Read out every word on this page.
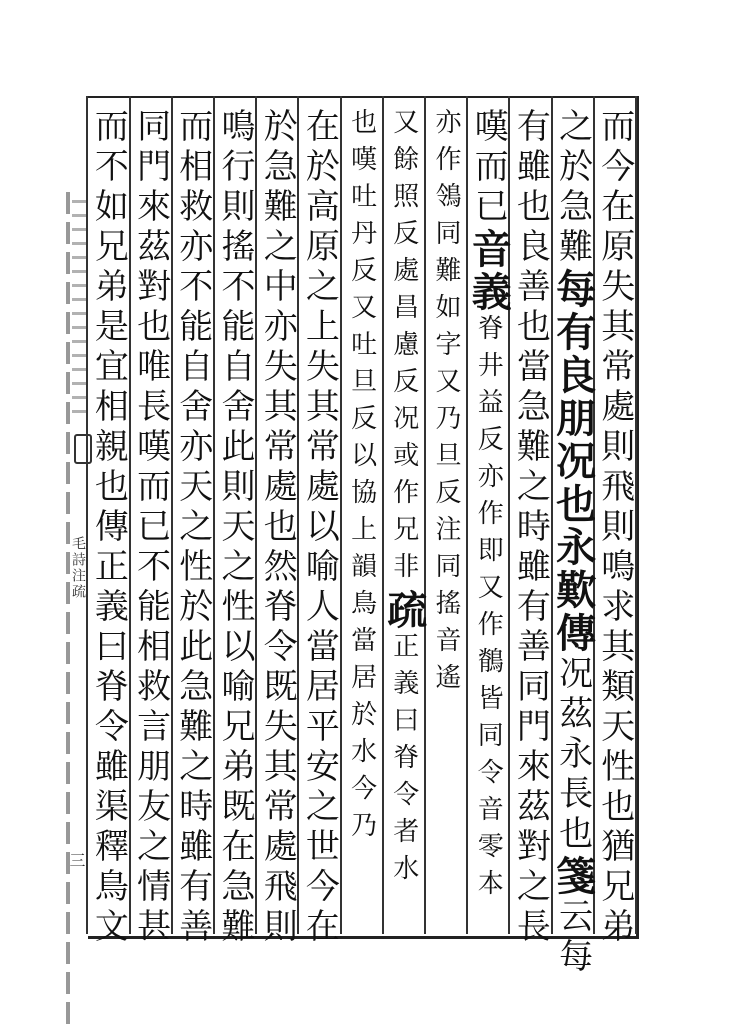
毛詩注疏
三	而今在原失其常處則飛則鳴求其類天性也猶兄弟
之於急難
每有良朋况也永歎
傳
况茲永長也
箋
云每
有雖也良善也當急難之時雖有善同門來茲對之長
嘆而已
音義
脊井益反亦作即又作鶺皆同令音零本
亦作鴒同難如字又乃旦反注同搖音遙
又餘照反處昌慮反况或作兄非
疏
正義曰脊令者水
也嘆吐丹反又吐旦反以協上韻
鳥當居於水今乃
在於高原之上失其常處以喻人當居平安之世今在
於急難之中亦失其常處也然脊令既失其常處飛則
鳴行則搖不能自舍此則天之性以喻兄弟既在急難
而相救亦不能自舍亦天之性於此急難之時雖有善
同門來茲對也唯長嘆而已不能相救言朋友之情甚
而不如兄弟是宜相親也傳正義曰脊令雖渠釋鳥文
